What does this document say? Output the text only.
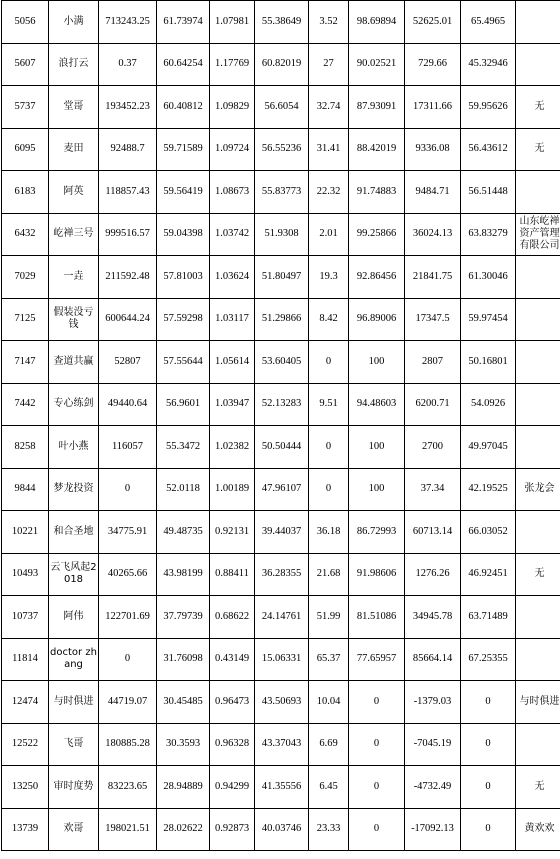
5056	小满	713243.25	61.73974	1.07981	55.38649	3.52	98.69894	52625.01	65.4965	
5607	浪打云	0.37	60.64254	1.17769	60.82019	27	90.02521	729.66	45.32946	
5737	堂哥	193452.23	60.40812	1.09829	56.6054	32.74	87.93091	17311.66	59.95626	无
6095	麦田	92488.7	59.71589	1.09724	56.55236	31.41	88.42019	9336.08	56.43612	无
6183	阿英	118857.43	59.56419	1.08673	55.83773	22.32	91.74883	9484.71	56.51448	
6432	屹禅三号	999516.57	59.04398	1.03742	51.9308	2.01	99.25866	36024.13	63.83279	山东屹禅资产管理有限公司
7029	一垚	211592.48	57.81003	1.03624	51.80497	19.3	92.86456	21841.75	61.30046	
7125	假装没亏钱	600644.24	57.59298	1.03117	51.29866	8.42	96.89006	17347.5	59.97454	
7147	查道共赢	52807	57.55644	1.05614	53.60405	0	100	2807	50.16801	
7442	专心练剑	49440.64	56.9601	1.03947	52.13283	9.51	94.48603	6200.71	54.0926	
8258	叶小燕	116057	55.3472	1.02382	50.50444	0	100	2700	49.97045	
9844	梦龙投资	0	52.0118	1.00189	47.96107	0	100	37.34	42.19525	张龙会
10221	和合圣地	34775.91	49.48735	0.92131	39.44037	36.18	86.72993	60713.14	66.03052	
10493	云飞风起2018	40265.66	43.98199	0.88411	36.28355	21.68	91.98606	1276.26	46.92451	无
10737	阿伟	122701.69	37.79739	0.68622	24.14761	51.99	81.51086	34945.78	63.71489	
11814	doctor zhang	0	31.76098	0.43149	15.06331	65.37	77.65957	85664.14	67.25355	
12474	与时俱进	44719.07	30.45485	0.96473	43.50693	10.04	0	-1379.03	0	与时俱进
12522	飞哥	180885.28	30.3593	0.96328	43.37043	6.69	0	-7045.19	0	
13250	审时度势	83223.65	28.94889	0.94299	41.35556	6.45	0	-4732.49	0	无
13739	欢哥	198021.51	28.02622	0.92873	40.03746	23.33	0	-17092.13	0	黄欢欢
